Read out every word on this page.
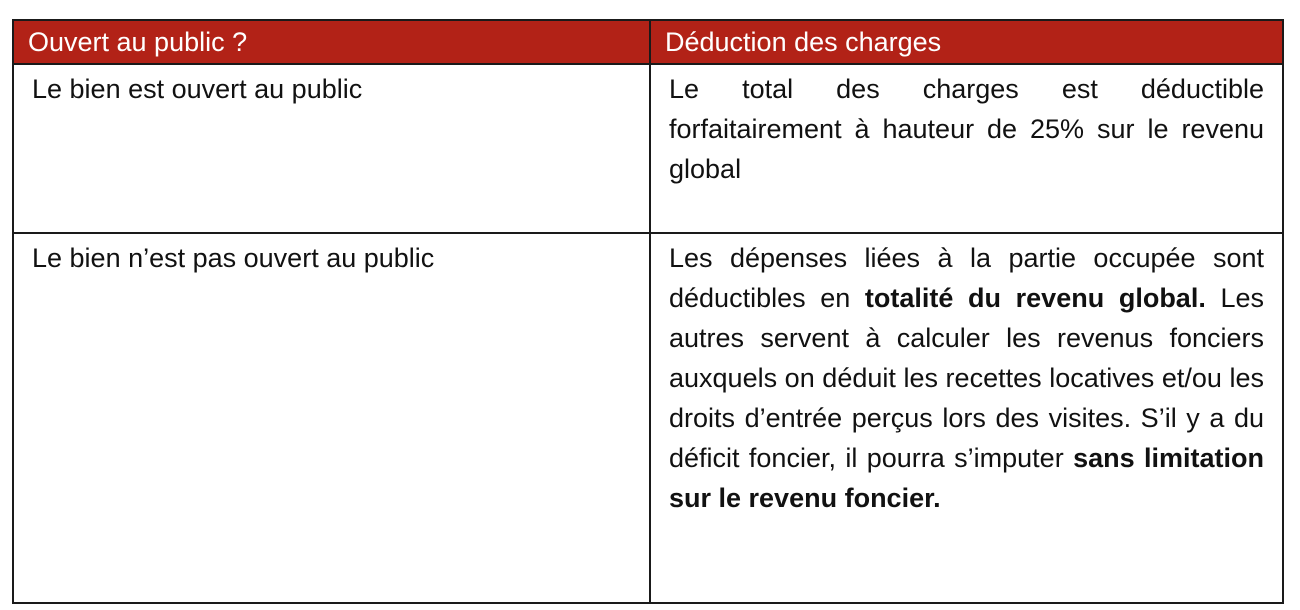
Ouvert au public ?	Déduction des charges
Le bien est ouvert au public	Le total des charges est déductible forfaitairement à hauteur de 25% sur le revenu global
Le bien n’est pas ouvert au public	Les dépenses liées à la partie occupée sont déductibles en totalité du revenu global. Les autres servent à calculer les revenus fonciers auxquels on déduit les recettes locatives et/ou les droits d’entrée perçus lors des visites. S’il y a du déficit foncier, il pourra s’imputer sans limitation sur le revenu foncier.
